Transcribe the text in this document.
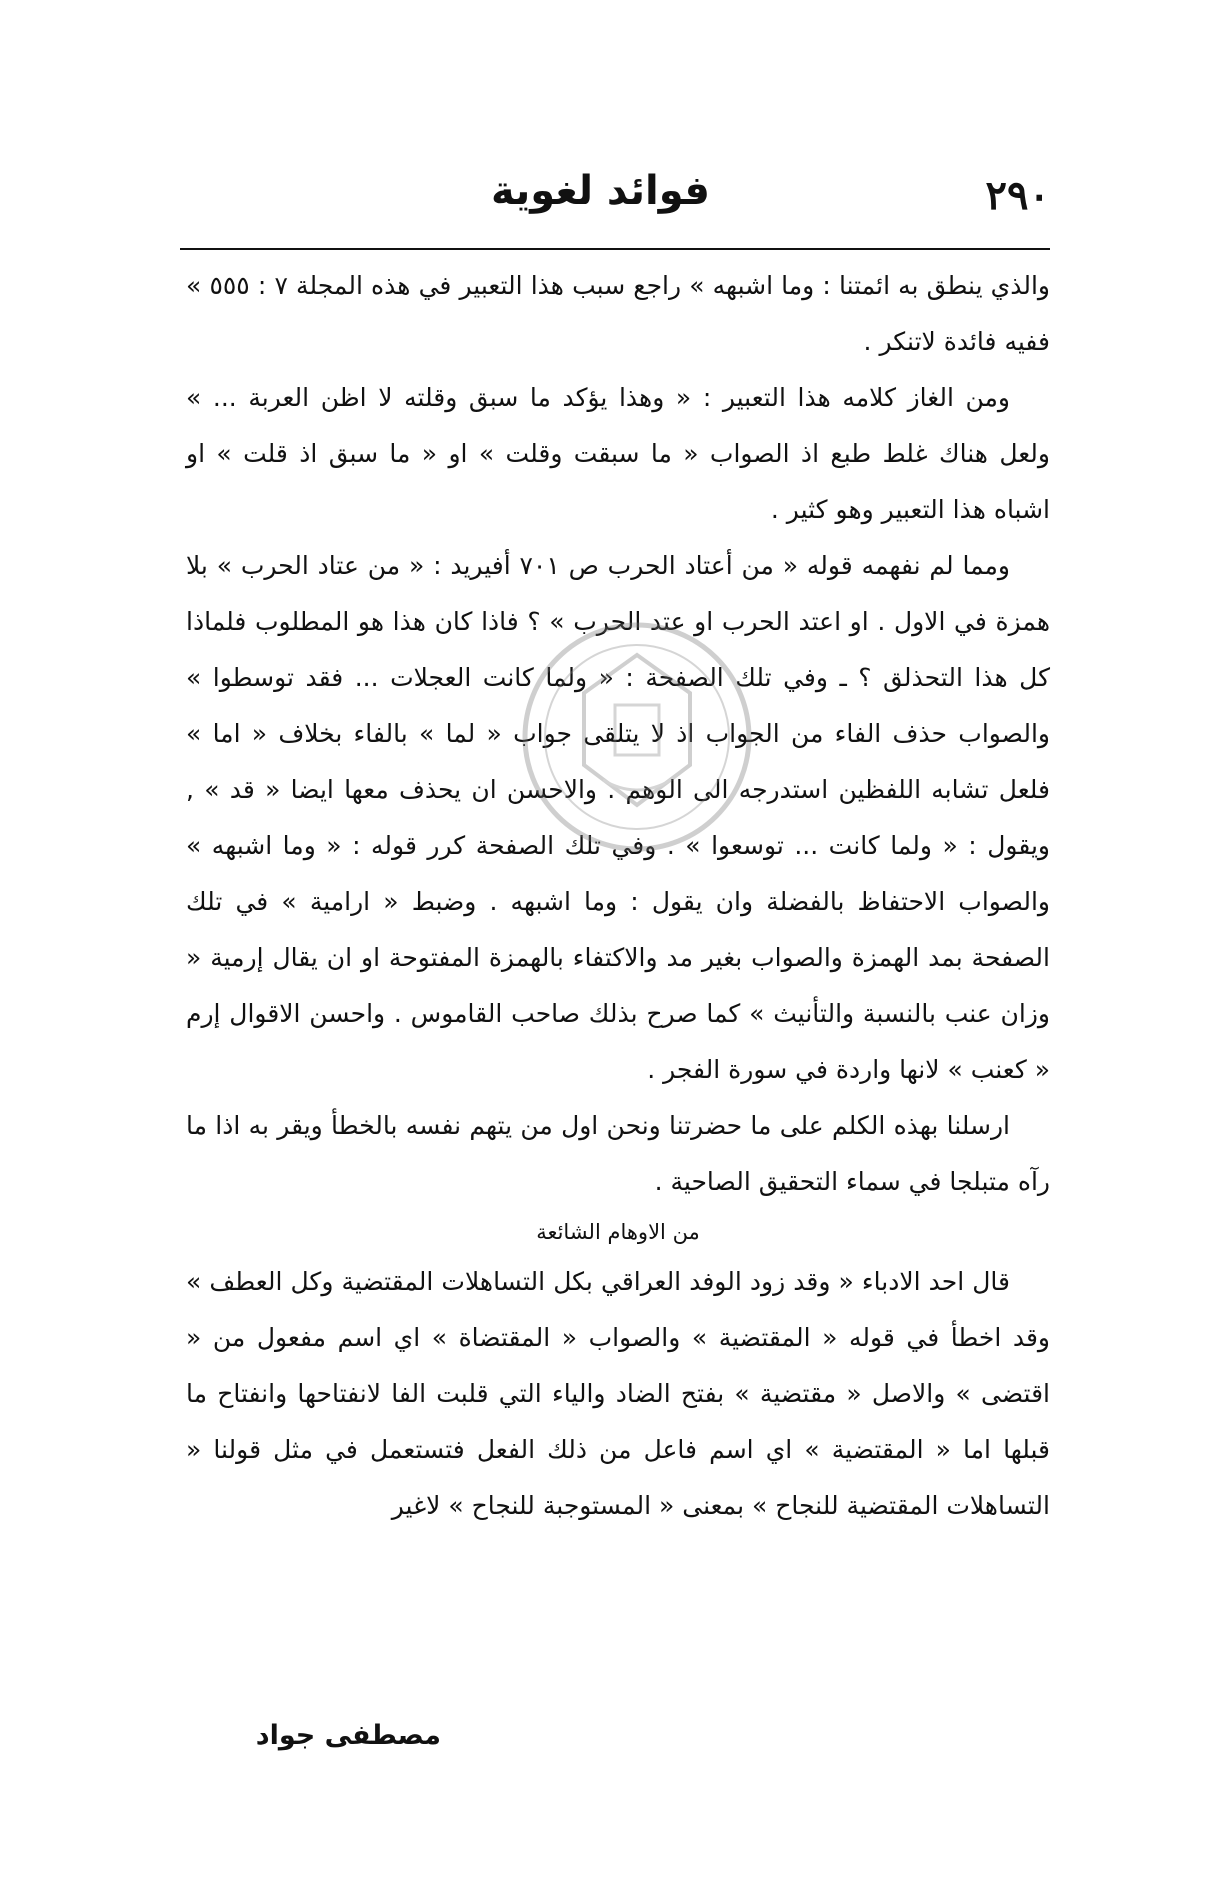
٢٩٠
فوائد لغوية

والذي ينطق به ائمتنا : وما اشبهه » راجع سبب هذا التعبير في هذه المجلة ٧ : ٥٥٥ » ففيه فائدة لاتنكر .

ومن الغاز كلامه هذا التعبير : « وهذا يؤكد ما سبق وقلته لا اظن العربة ... » ولعل هناك غلط طبع اذ الصواب « ما سبقت وقلت » او « ما سبق اذ قلت » او اشباه هذا التعبير وهو كثير .

ومما لم نفهمه قوله « من أعتاد الحرب ص ٧٠١ أفيريد : « من عتاد الحرب » بلا همزة في الاول . او اعتد الحرب او عتد الحرب » ؟ فاذا كان هذا هو المطلوب فلماذا كل هذا التحذلق ؟ ـ وفي تلك الصفحة : « ولما كانت العجلات ... فقد توسطوا » والصواب حذف الفاء من الجواب اذ لا يتلقى جواب « لما » بالفاء بخلاف « اما » فلعل تشابه اللفظين استدرجه الى الوهم . والاحسن ان يحذف معها ايضا « قد » , ويقول : « ولما كانت ... توسعوا » . وفي تلك الصفحة كرر قوله : « وما اشبهه » والصواب الاحتفاظ بالفضلة وان يقول : وما اشبهه . وضبط « ارامية » في تلك الصفحة بمد الهمزة والصواب بغير مد والاكتفاء بالهمزة المفتوحة او ان يقال إرمية « وزان عنب بالنسبة والتأنيث » كما صرح بذلك صاحب القاموس . واحسن الاقوال إرم « كعنب » لانها واردة في سورة الفجر .

ارسلنا بهذه الكلم على ما حضرتنا ونحن اول من يتهم نفسه بالخطأ ويقر به اذا ما رآه متبلجا في سماء التحقيق الصاحية .

من الاوهام الشائعة

قال احد الادباء « وقد زود الوفد العراقي بكل التساهلات المقتضية وكل العطف » وقد اخطأ في قوله « المقتضية » والصواب « المقتضاة » اي اسم مفعول من « اقتضى » والاصل « مقتضية » بفتح الضاد والياء التي قلبت الفا لانفتاحها وانفتاح ما قبلها اما « المقتضية » اي اسم فاعل من ذلك الفعل فتستعمل في مثل قولنا « التساهلات المقتضية للنجاح » بمعنى « المستوجبة للنجاح » لاغير

مصطفى جواد
